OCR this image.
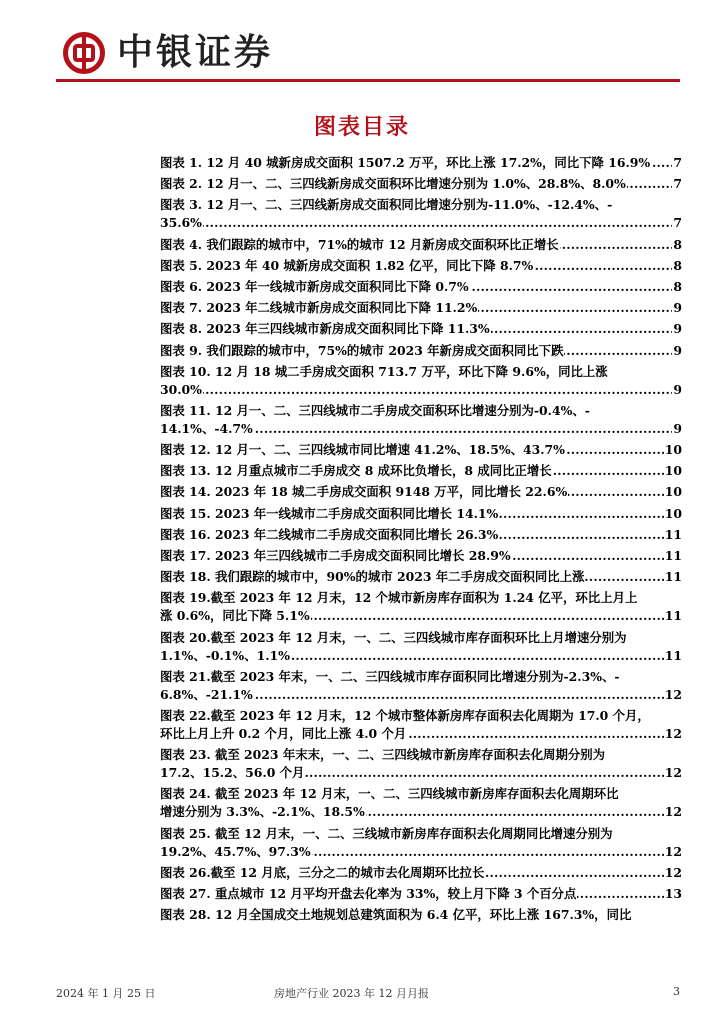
中银证券
图表目录
图表 1. 12 月 40 城新房成交面积 1507.2 万平，环比上涨 17.2%，同比下降 16.9% 7
.....
图表 2. 12 月一、二、三四线新房成交面积环比增速分别为 1.0%、28.8%、8.0%	7
.....
图表 3. 12 月一、二、三四线新房成交面积同比增速分别为-11.0%、-12.4%、-
35.6%	7
.....
图表 4. 我们跟踪的城市中，71%的城市 12 月新房成交面积环比正增长	8
.....
图表 5. 2023 年 40 城新房成交面积 1.82 亿平，同比下降 8.7%	8
.....
图表 6. 2023 年一线城市新房成交面积同比下降 0.7%	8
.....
图表 7. 2023 年二线城市新房成交面积同比下降 11.2%	9
.....
图表 8. 2023 年三四线城市新房成交面积同比下降 11.3%	9
.....
图表 9. 我们跟踪的城市中，75%的城市 2023 年新房成交面积同比下跌	9
.....
图表 10. 12 月 18 城二手房成交面积 713.7 万平，环比下降 9.6%，同比上涨
30.0%	9
.....
图表 11. 12 月一、二、三四线城市二手房成交面积环比增速分别为-0.4%、-
14.1%、-4.7%	9
.....
图表 12. 12 月一、二、三四线城市同比增速 41.2%、18.5%、43.7%	10
.....
图表 13. 12 月重点城市二手房成交 8 成环比负增长，8 成同比正增长	10
.....
图表 14. 2023 年 18 城二手房成交面积 9148 万平，同比增长 22.6%	10
.....
图表 15. 2023 年一线城市二手房成交面积同比增长 14.1%	10
.....
图表 16. 2023 年二线城市二手房成交面积同比增长 26.3%	11
.....
图表 17. 2023 年三四线城市二手房成交面积同比增长 28.9%	11
.....
图表 18. 我们跟踪的城市中，90%的城市 2023 年二手房成交面积同比上涨	11
.....
图表 19.截至 2023 年 12 月末，12 个城市新房库存面积为 1.24 亿平，环比上月上
涨 0.6%，同比下降 5.1%	11
.....
图表 20.截至 2023 年 12 月末，一、二、三四线城市库存面积环比上月增速分别为
1.1%、-0.1%、1.1%	11
.....
图表 21.截至 2023 年末，一、二、三四线城市库存面积同比增速分别为-2.3%、-
6.8%、-21.1%	12
.....
图表 22.截至 2023 年 12 月末，12 个城市整体新房库存面积去化周期为 17.0 个月，
环比上月上升 0.2 个月，同比上涨 4.0 个月	12
.....
图表 23. 截至 2023 年末末，一、二、三四线城市新房库存面积去化周期分别为
17.2、15.2、56.0 个月	12
.....
图表 24. 截至 2023 年 12 月末，一、二、三四线城市新房库存面积去化周期环比
增速分别为 3.3%、-2.1%、18.5%	12
.....
图表 25. 截至 12 月末，一、二、三线城市新房库存面积去化周期同比增速分别为
19.2%、45.7%、97.3%	12
.....
图表 26.截至 12 月底，三分之二的城市去化周期环比拉长	12
.....
图表 27. 重点城市 12 月平均开盘去化率为 33%，较上月下降 3 个百分点	13
.....
图表 28. 12 月全国成交土地规划总建筑面积为 6.4 亿平，环比上涨 167.3%，同比
2024 年 1 月 25 日	房地产行业 2023 年 12 月月报	3
